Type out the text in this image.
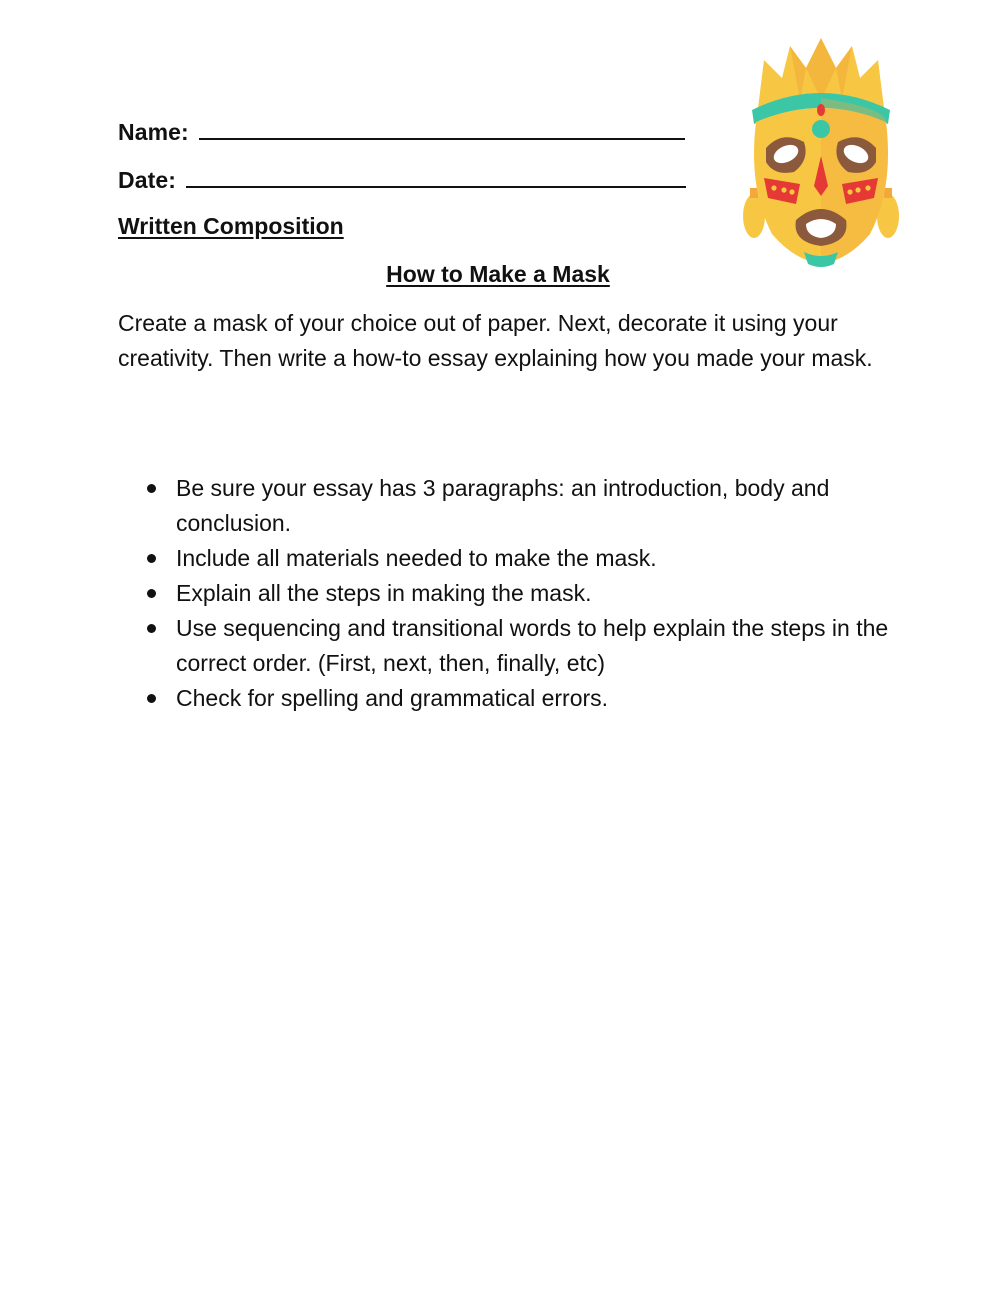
Name:
Date:
Written Composition
How to Make a Mask

Create a mask of your choice out of paper. Next, decorate it using your creativity. Then write a how-to essay explaining how you made your mask.

Be sure your essay has 3 paragraphs: an introduction, body and conclusion.
Include all materials needed to make the mask.
Explain all the steps in making the mask.
Use sequencing and transitional words to help explain the steps in the correct order. (First, next, then, finally, etc)
Check for spelling and grammatical errors.
